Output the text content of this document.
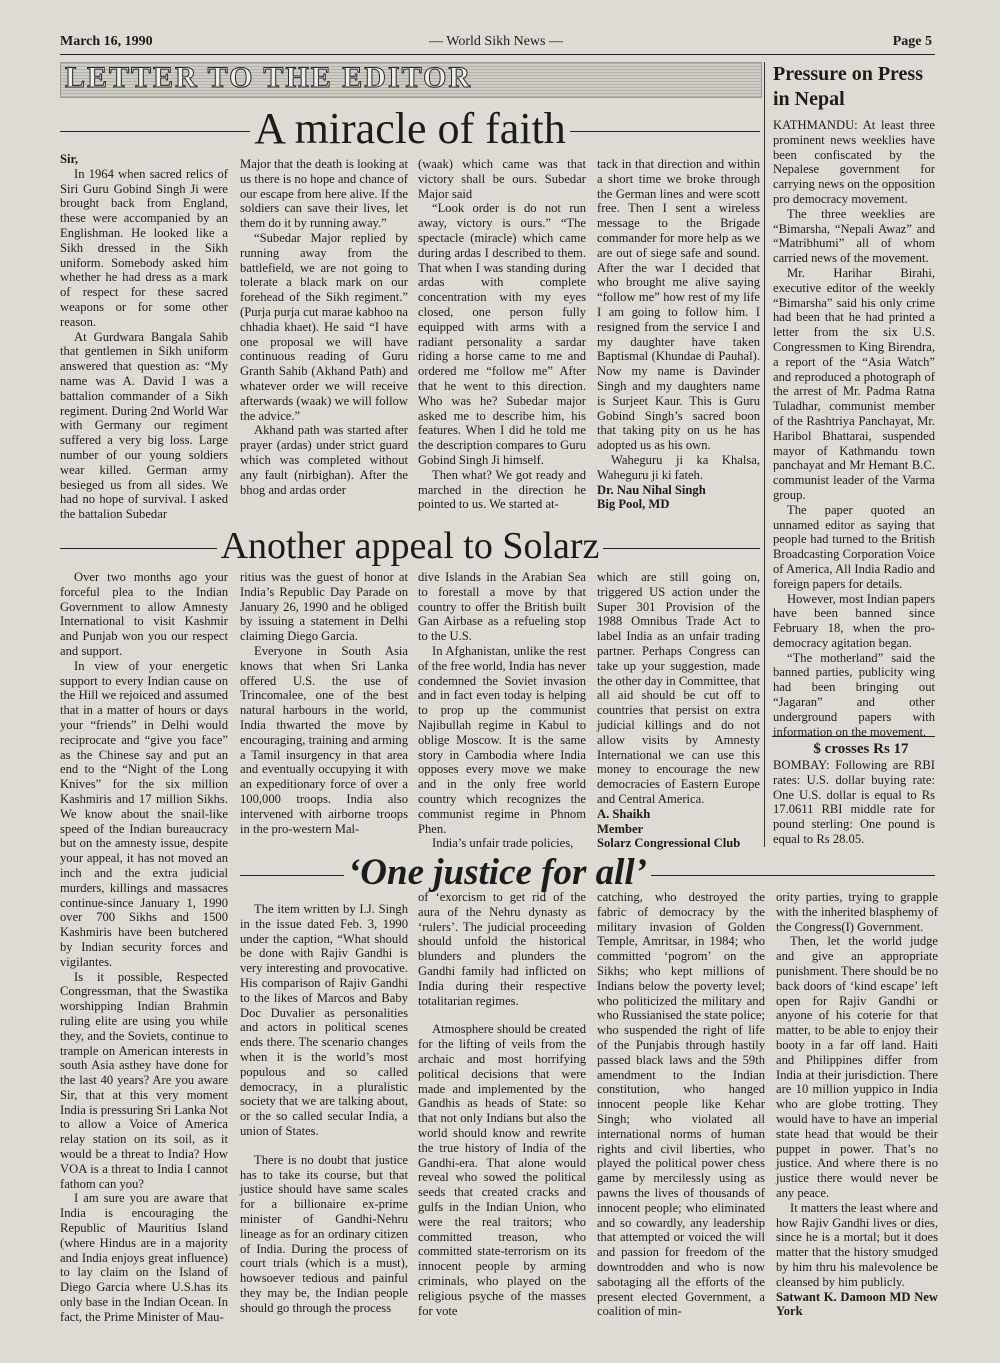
March 16, 1990	— World Sikh News —	Page 5
LETTER TO THE EDITOR
A miracle of faith

Sir,

In 1964 when sacred relics of Siri Guru Gobind Singh Ji were brought back from England, these were accompanied by an Englishman. He looked like a Sikh dressed in the Sikh uniform. Somebody asked him whether he had dress as a mark of respect for these sacred weapons or for some other reason.

At Gurdwara Bangala Sahib that gentlemen in Sikh uniform answered that question as: “My name was A. David I was a battalion commander of a Sikh regiment. During 2nd World War with Germany our regiment suffered a very big loss. Large number of our young soldiers wear killed. German army besieged us from all sides. We had no hope of survival. I asked the battalion Subedar

Major that the death is looking at us there is no hope and chance of our escape from here alive. If the soldiers can save their lives, let them do it by running away.”

“Subedar Major replied by running away from the battlefield, we are not going to tolerate a black mark on our forehead of the Sikh regiment.” (Purja purja cut marae kabhoo na chhadia khaet). He said “I have one proposal we will have continuous reading of Guru Granth Sahib (Akhand Path) and whatever order we will receive afterwards (waak) we will follow the advice.”

Akhand path was started after prayer (ardas) under strict guard which was completed without any fault (nirbighan). After the bhog and ardas order

(waak) which came was that victory shall be ours. Subedar Major said

“Look order is do not run away, victory is ours.” “The spectacle (miracle) which came during ardas I described to them. That when I was standing during ardas with complete concentration with my eyes closed, one person fully equipped with arms with a radiant personality a sardar riding a horse came to me and ordered me “follow me” After that he went to this direction. Who was he? Subedar major asked me to describe him, his features. When I did he told me the description compares to Guru Gobind Singh Ji himself.

Then what? We got ready and marched in the direction he pointed to us. We started at-

tack in that direction and within a short time we broke through the German lines and were scott free. Then I sent a wireless message to the Brigade commander for more help as we are out of siege safe and sound. After the war I decided that who brought me alive saying “follow me” how rest of my life I am going to follow him. I resigned from the service I and my daughter have taken Baptismal (Khundae di Pauhal). Now my name is Davinder Singh and my daughters name is Surjeet Kaur. This is Guru Gobind Singh’s sacred boon that taking pity on us he has adopted us as his own.

Waheguru ji ka Khalsa, Waheguru ji ki fateh.

Dr. Nau Nihal Singh

Big Pool, MD

Another appeal to Solarz

Over two months ago your forceful plea to the Indian Government to allow Amnesty International to visit Kashmir and Punjab won you our respect and support.

In view of your energetic support to every Indian cause on the Hill we rejoiced and assumed that in a matter of hours or days your “friends” in Delhi would reciprocate and “give you face” as the Chinese say and put an end to the “Night of the Long Knives” for the six million Kashmiris and 17 million Sikhs. We know about the snail-like speed of the Indian bureaucracy but on the amnesty issue, despite your appeal, it has not moved an inch and the extra judicial murders, killings and massacres continue-since January 1, 1990 over 700 Sikhs and 1500 Kashmiris have been butchered by Indian security forces and vigilantes.

Is it possible, Respected Congressman, that the Swastika worshipping Indian Brahmin ruling elite are using you while they, and the Soviets, continue to trample on American interests in south Asia asthey have done for the last 40 years? Are you aware Sir, that at this very moment India is pressuring Sri Lanka Not to allow a Voice of America relay station on its soil, as it would be a threat to India? How VOA is a threat to India I cannot fathom can you?

I am sure you are aware that India is encouraging the Republic of Mauritius Island (where Hindus are in a majority and India enjoys great influence) to lay claim on the Island of Diego Garcia where U.S.has its only base in the Indian Ocean. In fact, the Prime Minister of Mau-

ritius was the guest of honor at India’s Republic Day Parade on January 26, 1990 and he obliged by issuing a statement in Delhi claiming Diego Garcia.

Everyone in South Asia knows that when Sri Lanka offered U.S. the use of Trincomalee, one of the best natural harbours in the world, India thwarted the move by encouraging, training and arming a Tamil insurgency in that area and eventually occupying it with an expeditionary force of over a 100,000 troops. India also intervened with airborne troops in the pro-western Mal-

dive Islands in the Arabian Sea to forestall a move by that country to offer the British built Gan Airbase as a refueling stop to the U.S.

In Afghanistan, unlike the rest of the free world, India has never condemned the Soviet invasion and in fact even today is helping to prop up the communist Najibullah regime in Kabul to oblige Moscow. It is the same story in Cambodia where India opposes every move we make and in the only free world country which recognizes the communist regime in Phnom Phen.

India’s unfair trade policies,

which are still going on, triggered US action under the Super 301 Provision of the 1988 Omnibus Trade Act to label India as an unfair trading partner. Perhaps Congress can take up your suggestion, made the other day in Committee, that all aid should be cut off to countries that persist on extra judicial killings and do not allow visits by Amnesty International we can use this money to encourage the new democracies of Eastern Europe and Central America.

A. Shaikh

Member

Solarz Congressional Club

Pressure on Press in Nepal

KATHMANDU: At least three prominent news weeklies have been confiscated by the Nepalese government for carrying news on the opposition pro democracy movement.

The three weeklies are “Bimarsha, “Nepali Awaz” and “Matribhumi” all of whom carried news of the movement.

Mr. Harihar Birahi, executive editor of the weekly “Bimarsha” said his only crime had been that he had printed a letter from the six U.S. Congressmen to King Birendra, a report of the “Asia Watch” and reproduced a photograph of the arrest of Mr. Padma Ratna Tuladhar, communist member of the Rashtriya Panchayat, Mr. Haribol Bhattarai, suspended mayor of Kathmandu town panchayat and Mr Hemant B.C. communist leader of the Varma group.

The paper quoted an unnamed editor as saying that people had turned to the British Broadcasting Corporation Voice of America, All India Radio and foreign papers for details.

However, most Indian papers have been banned since February 18, when the pro-democracy agitation began.

“The motherland” said the banned parties, publicity wing had been bringing out “Jagaran” and other underground papers with information on the movement.

$ crosses Rs 17

BOMBAY: Following are RBI rates: U.S. dollar buying rate: One U.S. dollar is equal to Rs 17.0611 RBI middle rate for pound sterling: One pound is equal to Rs 28.05.

‘One justice for all’

The item written by I.J. Singh in the issue dated Feb. 3, 1990 under the caption, “What should be done with Rajiv Gandhi is very interesting and provocative. His comparison of Rajiv Gandhi to the likes of Marcos and Baby Doc Duvalier as personalities and actors in political scenes ends there. The scenario changes when it is the world’s most populous and so called democracy, in a pluralistic society that we are talking about, or the so called secular India, a union of States.

There is no doubt that justice has to take its course, but that justice should have same scales for a billionaire ex-prime minister of Gandhi-Nehru lineage as for an ordinary citizen of India. During the process of court trials (which is a must), howsoever tedious and painful they may be, the Indian people should go through the process

of ‘exorcism to get rid of the aura of the Nehru dynasty as ‘rulers’. The judicial proceeding should unfold the historical blunders and plunders the Gandhi family had inflicted on India during their respective totalitarian regimes.

Atmosphere should be created for the lifting of veils from the archaic and most horrifying political decisions that were made and implemented by the Gandhis as heads of State: so that not only Indians but also the world should know and rewrite the true history of India of the Gandhi-era. That alone would reveal who sowed the political seeds that created cracks and gulfs in the Indian Union, who were the real traitors; who committed treason, who committed state-terrorism on its innocent people by arming criminals, who played on the religious psyche of the masses for vote

catching, who destroyed the fabric of democracy by the military invasion of Golden Temple, Amritsar, in 1984; who committed ‘pogrom’ on the Sikhs; who kept millions of Indians below the poverty level; who politicized the military and who Russianised the state police; who suspended the right of life of the Punjabis through hastily passed black laws and the 59th amendment to the Indian constitution, who hanged innocent people like Kehar Singh; who violated all international norms of human rights and civil liberties, who played the political power chess game by mercilessly using as pawns the lives of thousands of innocent people; who eliminated and so cowardly, any leadership that attempted or voiced the will and passion for freedom of the downtrodden and who is now sabotaging all the efforts of the present elected Government, a coalition of min-

ority parties, trying to grapple with the inherited blasphemy of the Congress(I) Government.

Then, let the world judge and give an appropriate punishment. There should be no back doors of ‘kind escape’ left open for Rajiv Gandhi or anyone of his coterie for that matter, to be able to enjoy their booty in a far off land. Haiti and Philippines differ from India at their jurisdiction. There are 10 million yuppico in India who are globe trotting. They would have to have an imperial state head that would be their puppet in power. That’s no justice. And where there is no justice there would never be any peace.

It matters the least where and how Rajiv Gandhi lives or dies, since he is a mortal; but it does matter that the history smudged by him thru his malevolence be cleansed by him publicly.

Satwant K. Damoon MD New York
